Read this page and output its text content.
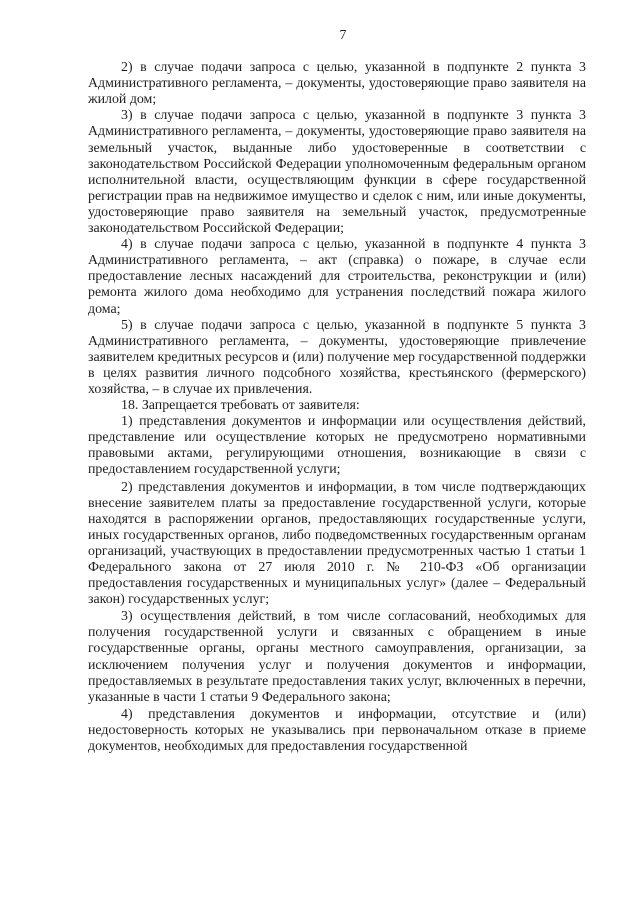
7

2) в случае подачи запроса с целью, указанной в подпункте 2 пункта 3 Административного регламента, – документы, удостоверяющие право заявителя на жилой дом;

3) в случае подачи запроса с целью, указанной в подпункте 3 пункта 3 Административного регламента, – документы, удостоверяющие право заявителя на земельный участок, выданные либо удостоверенные в соответствии с законодательством Российской Федерации уполномоченным федеральным органом исполнительной власти, осуществляющим функции в сфере государственной регистрации прав на недвижимое имущество и сделок с ним, или иные документы, удостоверяющие право заявителя на земельный участок, предусмотренные законодательством Российской Федерации;

4) в случае подачи запроса с целью, указанной в подпункте 4 пункта 3 Административного регламента, – акт (справка) о пожаре, в случае если предоставление лесных насаждений для строительства, реконструкции и (или) ремонта жилого дома необходимо для устранения последствий пожара жилого дома;

5) в случае подачи запроса с целью, указанной в подпункте 5 пункта 3 Административного регламента, – документы, удостоверяющие привлечение заявителем кредитных ресурсов и (или) получение мер государственной поддержки в целях развития личного подсобного хозяйства, крестьянского (фермерского) хозяйства, – в случае их привлечения.

18. Запрещается требовать от заявителя:

1) представления документов и информации или осуществления действий, представление или осуществление которых не предусмотрено нормативными правовыми актами, регулирующими отношения, возникающие в связи с предоставлением государственной услуги;

2) представления документов и информации, в том числе подтверждающих внесение заявителем платы за предоставление государственной услуги, которые находятся в распоряжении органов, предоставляющих государственные услуги, иных государственных органов, либо подведомственных государственным органам организаций, участвующих в предоставлении предусмотренных частью 1 статьи 1 Федерального закона от 27 июля 2010 г. № 210-ФЗ «Об организации предоставления государственных и муниципальных услуг» (далее – Федеральный закон) государственных услуг;

3) осуществления действий, в том числе согласований, необходимых для получения государственной услуги и связанных с обращением в иные государственные органы, органы местного самоуправления, организации, за исключением получения услуг и получения документов и информации, предоставляемых в результате предоставления таких услуг, включенных в перечни, указанные в части 1 статьи 9 Федерального закона;

4) представления документов и информации, отсутствие и (или) недостоверность которых не указывались при первоначальном отказе в приеме документов, необходимых для предоставления государственной
